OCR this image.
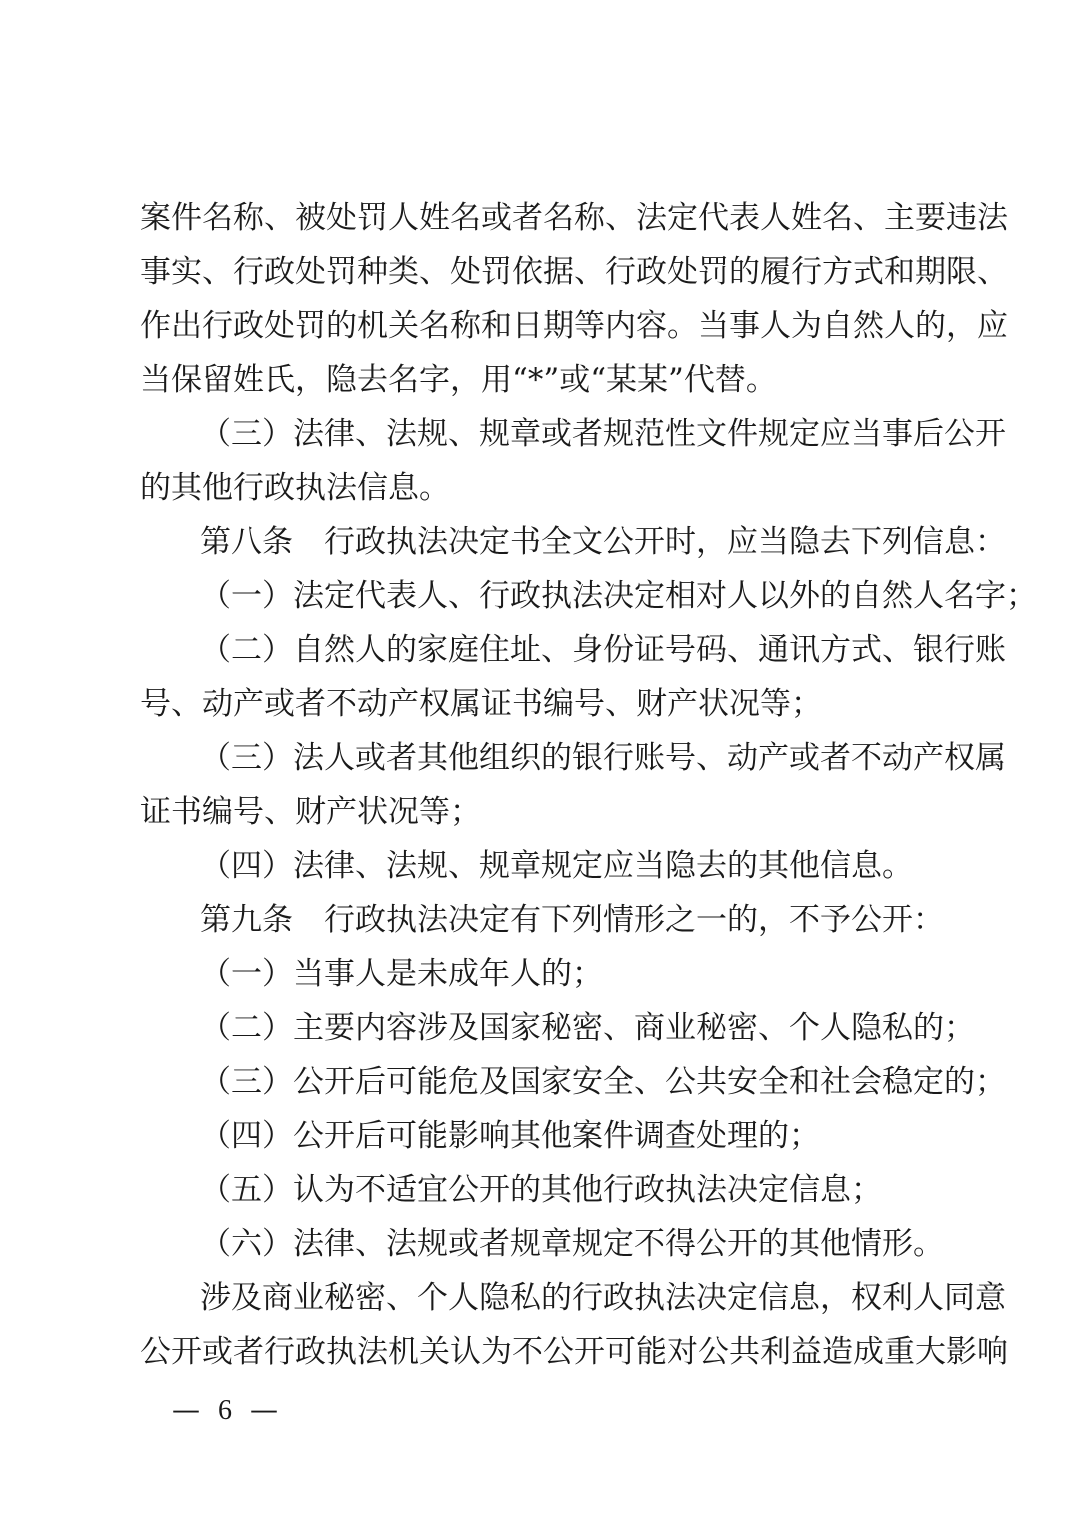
案件名称、被处罚人姓名或者名称、法定代表人姓名、主要违法
事实、行政处罚种类、处罚依据、行政处罚的履行方式和期限、
作出行政处罚的机关名称和日期等内容。当事人为自然人的，应
当保留姓氏，隐去名字，用“*”或“某某”代替。
（三）法律、法规、规章或者规范性文件规定应当事后公开
的其他行政执法信息。
第八条　行政执法决定书全文公开时，应当隐去下列信息：
（一）法定代表人、行政执法决定相对人以外的自然人名字；
（二）自然人的家庭住址、身份证号码、通讯方式、银行账
号、动产或者不动产权属证书编号、财产状况等；
（三）法人或者其他组织的银行账号、动产或者不动产权属
证书编号、财产状况等；
（四）法律、法规、规章规定应当隐去的其他信息。
第九条　行政执法决定有下列情形之一的，不予公开：
（一）当事人是未成年人的；
（二）主要内容涉及国家秘密、商业秘密、个人隐私的；
（三）公开后可能危及国家安全、公共安全和社会稳定的；
（四）公开后可能影响其他案件调查处理的；
（五）认为不适宜公开的其他行政执法决定信息；
（六）法律、法规或者规章规定不得公开的其他情形。
涉及商业秘密、个人隐私的行政执法决定信息，权利人同意
公开或者行政执法机关认为不公开可能对公共利益造成重大影响
— 6 —
